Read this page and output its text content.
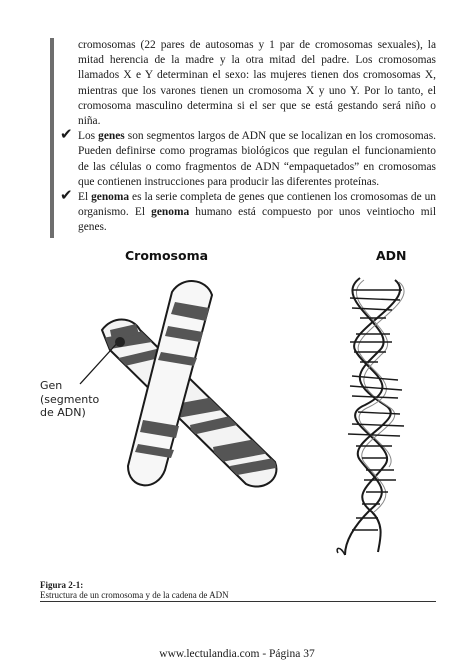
cromosomas (22 pares de autosomas y 1 par de cromosomas sexuales), la mitad herencia de la madre y la otra mitad del padre. Los cromosomas llamados X e Y determinan el sexo: las mujeres tienen dos cromosomas X, mientras que los varones tienen un cromosoma X y uno Y. Por lo tanto, el cromosoma masculino determina si el ser que se está gestando será niño o niña.

✔ Los genes son segmentos largos de ADN que se localizan en los cromosomas. Pueden definirse como programas biológicos que regulan el funcionamiento de las células o como fragmentos de ADN “empaquetados” en cromosomas que contienen instrucciones para producir las diferentes proteínas.

✔ El genoma es la serie completa de genes que contienen los cromosomas de un organismo. El genoma humano está compuesto por unos veintiocho mil genes.

Cromosoma	ADN
Gen
(segmento
de ADN)
Figura 2-1:
Estructura de un cromosoma y de la cadena de ADN
www.lectulandia.com - Página 37
